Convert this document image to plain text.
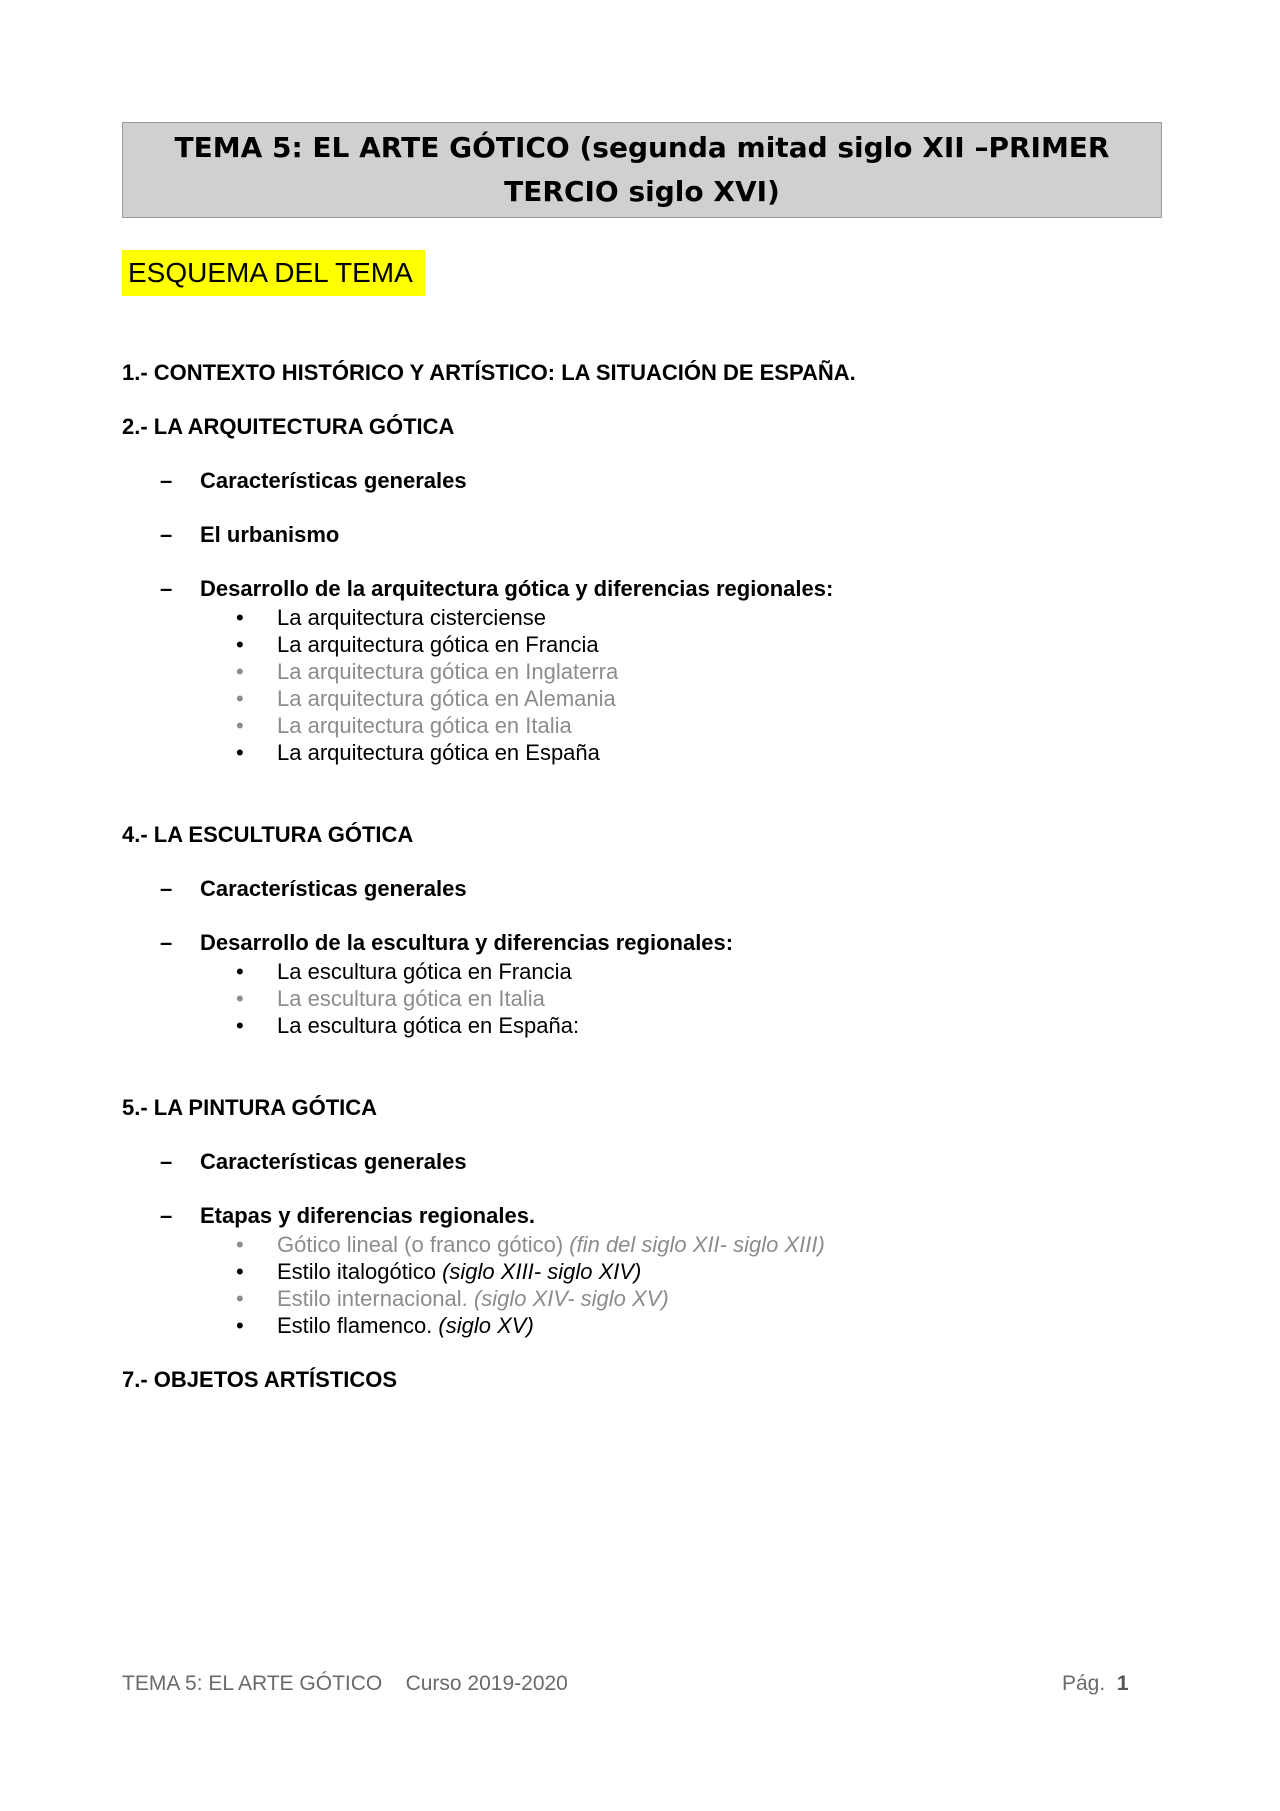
TEMA 5: EL ARTE GÓTICO (segunda mitad siglo XII –PRIMER
TERCIO siglo XVI)
ESQUEMA DEL TEMA
1.- CONTEXTO HISTÓRICO Y ARTÍSTICO: LA SITUACIÓN DE ESPAÑA.
2.- LA ARQUITECTURA GÓTICA
– Características generales
– El urbanismo
– Desarrollo de la arquitectura gótica y diferencias regionales:
• La arquitectura cisterciense
• La arquitectura gótica en Francia
• La arquitectura gótica en Inglaterra
• La arquitectura gótica en Alemania
• La arquitectura gótica en Italia
• La arquitectura gótica en España
4.- LA ESCULTURA GÓTICA
– Características generales
– Desarrollo de la escultura y diferencias regionales:
• La escultura gótica en Francia
• La escultura gótica en Italia
• La escultura gótica en España:
5.- LA PINTURA GÓTICA
– Características generales
– Etapas y diferencias regionales.
• Gótico lineal (o franco gótico) (fin del siglo XII- siglo XIII)
• Estilo italogótico (siglo XIII- siglo XIV)
• Estilo internacional. (siglo XIV- siglo XV)
• Estilo flamenco. (siglo XV)
7.- OBJETOS ARTÍSTICOS
TEMA 5: EL ARTE GÓTICO Curso 2019-2020	Pág. 1
